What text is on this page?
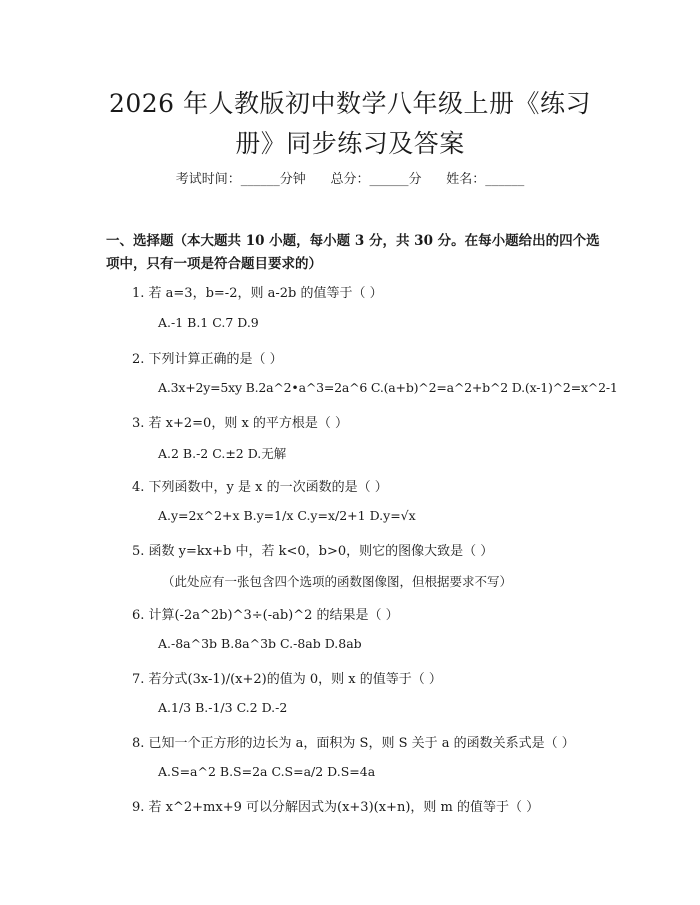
2026 年人教版初中数学八年级上册《练习
册》同步练习及答案
考试时间：______分钟      总分：______分      姓名：______
一、选择题（本大题共 10 小题，每小题 3 分，共 30 分。在每小题给出的四个选项中，只有一项是符合题目要求的）
1. 若 a=3，b=-2，则 a-2b 的值等于（ ）
A.-1 B.1 C.7 D.9
2. 下列计算正确的是（ ）
A.3x+2y=5xy B.2a^2•a^3=2a^6 C.(a+b)^2=a^2+b^2 D.(x-1)^2=x^2-1
3. 若 x+2=0，则 x 的平方根是（ ）
A.2 B.-2 C.±2 D.无解
4. 下列函数中，y 是 x 的一次函数的是（ ）
A.y=2x^2+x B.y=1/x C.y=x/2+1 D.y=√x
5. 函数 y=kx+b 中，若 k<0，b>0，则它的图像大致是（ ）
（此处应有一张包含四个选项的函数图像图，但根据要求不写）
6. 计算(-2a^2b)^3÷(-ab)^2 的结果是（ ）
A.-8a^3b B.8a^3b C.-8ab D.8ab
7. 若分式(3x-1)/(x+2)的值为 0，则 x 的值等于（ ）
A.1/3 B.-1/3 C.2 D.-2
8. 已知一个正方形的边长为 a，面积为 S，则 S 关于 a 的函数关系式是（ ）
A.S=a^2 B.S=2a C.S=a/2 D.S=4a
9. 若 x^2+mx+9 可以分解因式为(x+3)(x+n)，则 m 的值等于（ ）
